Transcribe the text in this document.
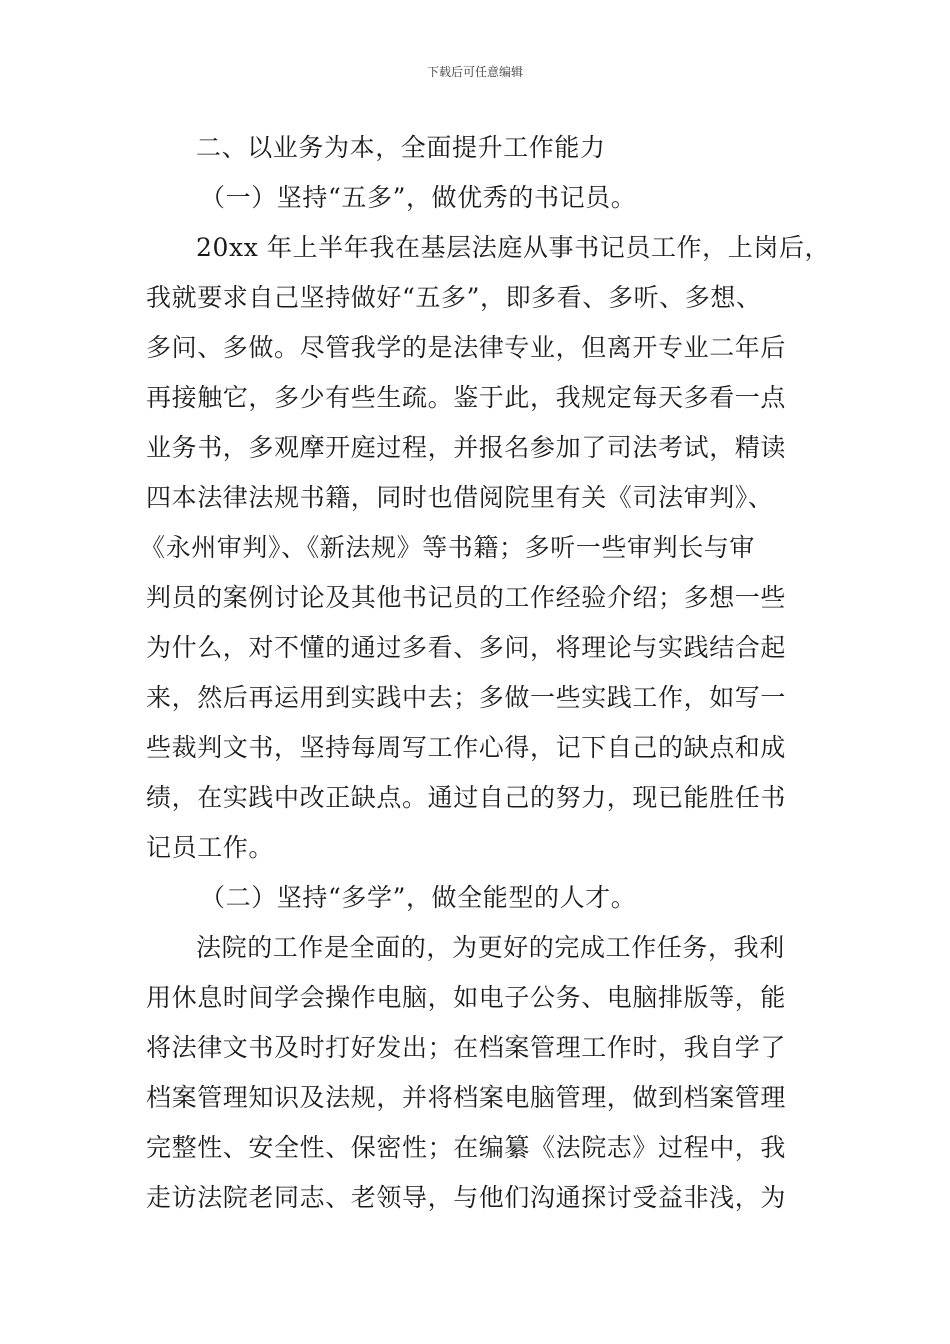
下载后可任意编辑
二、以业务为本，全面提升工作能力
（一）坚持“五多”，做优秀的书记员。
20xx 年上半年我在基层法庭从事书记员工作，上岗后，
我就要求自己坚持做好“五多”，即多看、多听、多想、
多问、多做。尽管我学的是法律专业，但离开专业二年后
再接触它，多少有些生疏。鉴于此，我规定每天多看一点
业务书，多观摩开庭过程，并报名参加了司法考试，精读
四本法律法规书籍，同时也借阅院里有关《司法审判》、
《永州审判》、《新法规》等书籍；多听一些审判长与审
判员的案例讨论及其他书记员的工作经验介绍；多想一些
为什么，对不懂的通过多看、多问，将理论与实践结合起
来，然后再运用到实践中去；多做一些实践工作，如写一
些裁判文书，坚持每周写工作心得，记下自己的缺点和成
绩，在实践中改正缺点。通过自己的努力，现已能胜任书
记员工作。
（二）坚持“多学”，做全能型的人才。
法院的工作是全面的，为更好的完成工作任务，我利
用休息时间学会操作电脑，如电子公务、电脑排版等，能
将法律文书及时打好发出；在档案管理工作时，我自学了
档案管理知识及法规，并将档案电脑管理，做到档案管理
完整性、安全性、保密性；在编纂《法院志》过程中，我
走访法院老同志、老领导，与他们沟通探讨受益非浅，为
